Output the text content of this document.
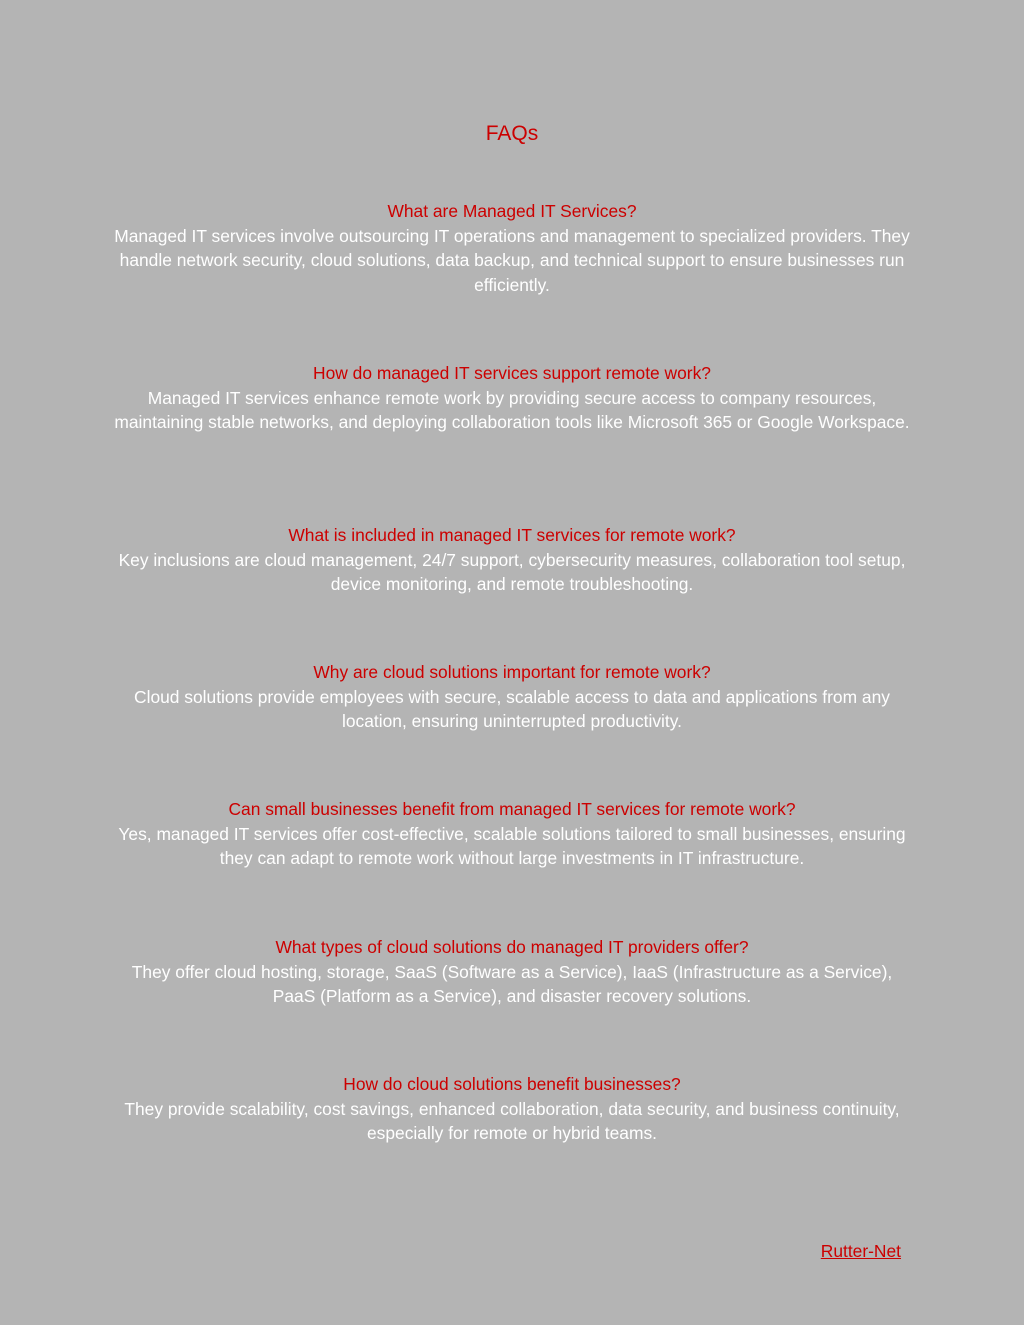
FAQs
What are Managed IT Services?
Managed IT services involve outsourcing IT operations and management to specialized providers. They handle network security, cloud solutions, data backup, and technical support to ensure businesses run efficiently.
How do managed IT services support remote work?
Managed IT services enhance remote work by providing secure access to company resources, maintaining stable networks, and deploying collaboration tools like Microsoft 365 or Google Workspace.
What is included in managed IT services for remote work?
Key inclusions are cloud management, 24/7 support, cybersecurity measures, collaboration tool setup, device monitoring, and remote troubleshooting.
Why are cloud solutions important for remote work?
Cloud solutions provide employees with secure, scalable access to data and applications from any location, ensuring uninterrupted productivity.
Can small businesses benefit from managed IT services for remote work?
Yes, managed IT services offer cost-effective, scalable solutions tailored to small businesses, ensuring they can adapt to remote work without large investments in IT infrastructure.
What types of cloud solutions do managed IT providers offer?
They offer cloud hosting, storage, SaaS (Software as a Service), IaaS (Infrastructure as a Service), PaaS (Platform as a Service), and disaster recovery solutions.
How do cloud solutions benefit businesses?
They provide scalability, cost savings, enhanced collaboration, data security, and business continuity, especially for remote or hybrid teams.
Rutter-Net
